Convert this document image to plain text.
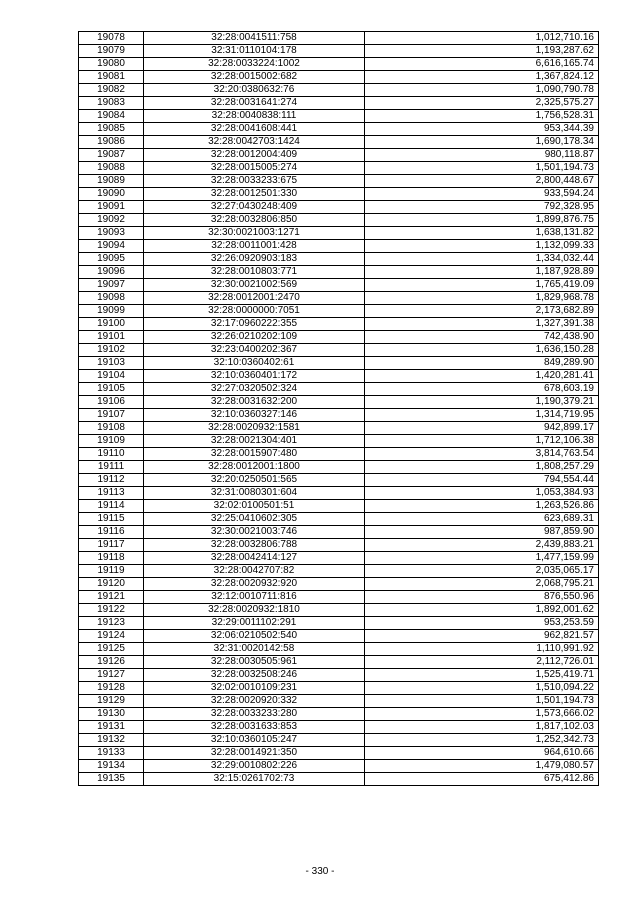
19078	32:28:0041511:758	1,012,710.16
19079	32:31:0110104:178	1,193,287.62
19080	32:28:0033224:1002	6,616,165.74
19081	32:28:0015002:682	1,367,824.12
19082	32:20:0380632:76	1,090,790.78
19083	32:28:0031641:274	2,325,575.27
19084	32:28:0040838:111	1,756,528.31
19085	32:28:0041608:441	953,344.39
19086	32:28:0042703:1424	1,690,178.34
19087	32:28:0012004:409	980,118.87
19088	32:28:0015005:274	1,501,194.73
19089	32:28:0033233:675	2,800,448.67
19090	32:28:0012501:330	933,594.24
19091	32:27:0430248:409	792,328.95
19092	32:28:0032806:850	1,899,876.75
19093	32:30:0021003:1271	1,638,131.82
19094	32:28:0011001:428	1,132,099.33
19095	32:26:0920903:183	1,334,032.44
19096	32:28:0010803:771	1,187,928.89
19097	32:30:0021002:569	1,765,419.09
19098	32:28:0012001:2470	1,829,968.78
19099	32:28:0000000:7051	2,173,682.89
19100	32:17:0960222:355	1,327,391.38
19101	32:26:0210202:109	742,438.90
19102	32:23:0400202:367	1,636,150.28
19103	32:10:0360402:61	849,289.90
19104	32:10:0360401:172	1,420,281.41
19105	32:27:0320502:324	678,603.19
19106	32:28:0031632:200	1,190,379.21
19107	32:10:0360327:146	1,314,719.95
19108	32:28:0020932:1581	942,899.17
19109	32:28:0021304:401	1,712,106.38
19110	32:28:0015907:480	3,814,763.54
19111	32:28:0012001:1800	1,808,257.29
19112	32:20:0250501:565	794,554.44
19113	32:31:0080301:604	1,053,384.93
19114	32:02:0100501:51	1,263,526.86
19115	32:25:0410602:305	623,689.31
19116	32:30:0021003:746	987,859.90
19117	32:28:0032806:788	2,439,883.21
19118	32:28:0042414:127	1,477,159.99
19119	32:28:0042707:82	2,035,065.17
19120	32:28:0020932:920	2,068,795.21
19121	32:12:0010711:816	876,550.96
19122	32:28:0020932:1810	1,892,001.62
19123	32:29:0011102:291	953,253.59
19124	32:06:0210502:540	962,821.57
19125	32:31:0020142:58	1,110,991.92
19126	32:28:0030505:961	2,112,726.01
19127	32:28:0032508:246	1,525,419.71
19128	32:02:0010109:231	1,510,094.22
19129	32:28:0020920:332	1,501,194.73
19130	32:28:0033233:280	1,573,666.02
19131	32:28:0031633:853	1,817,102.03
19132	32:10:0360105:247	1,252,342.73
19133	32:28:0014921:350	964,610.66
19134	32:29:0010802:226	1,479,080.57
19135	32:15:0261702:73	675,412.86
- 330 -
